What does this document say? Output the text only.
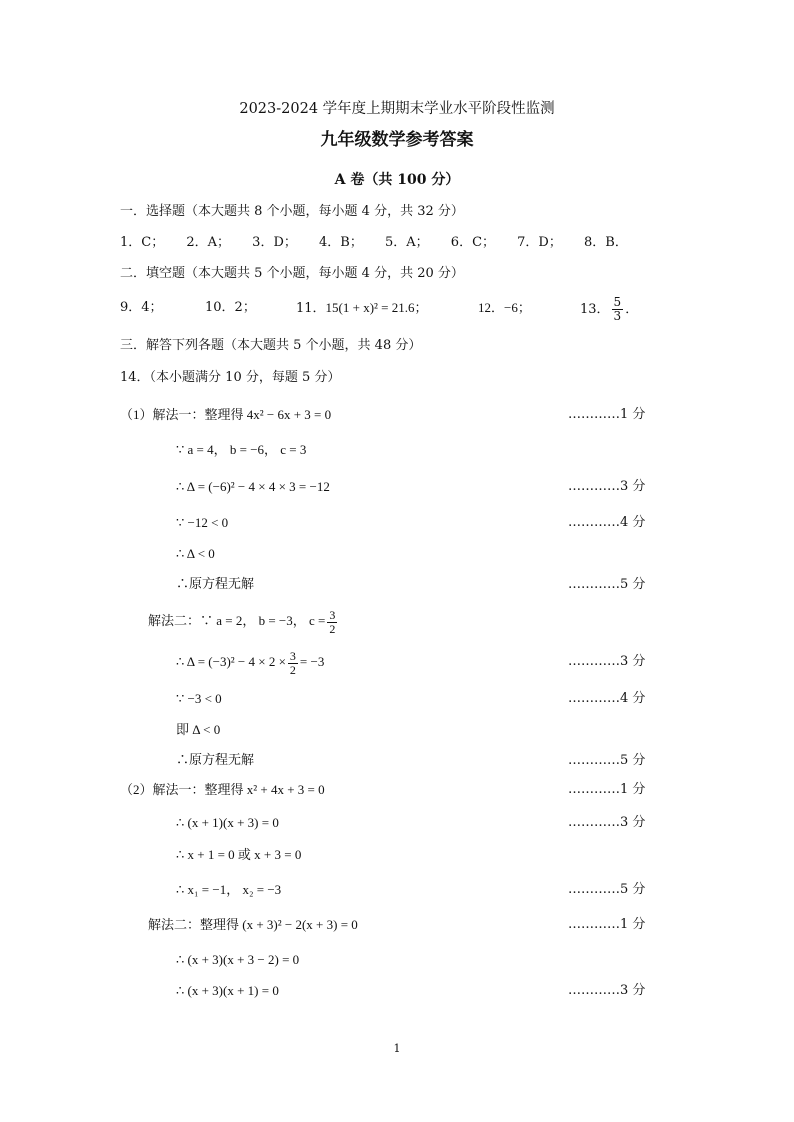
2023-2024 学年度上期期末学业水平阶段性监测
九年级数学参考答案
A 卷（共 100 分）
一．选择题（本大题共 8 个小题，每小题 4 分，共 32 分）
1．C； 2．A； 3．D； 4．B； 5．A； 6．C； 7．D； 8．B．
二．填空题（本大题共 5 个小题，每小题 4 分，共 20 分）
9．4；	10．2；	11．15(1 + x)² = 21.6；	12．−6；	13． $\frac{5}{3}$ ．
三．解答下列各题（本大题共 5 个小题，共 48 分）
14．（本小题满分 10 分，每题 5 分）
（1）解法一：整理得 4x² − 6x + 3 = 0	…………1 分
∵ a = 4， b = −6， c = 3
∴ Δ = (−6)² − 4 × 4 × 3 = −12	…………3 分
∵ −12 < 0	…………4 分
∴ Δ < 0
∴原方程无解	…………5 分
解法二：∵ a = 2， b = −3， $c = \frac{3}{2}$
∴ $\Delta = (-3)^2 - 4 \times 2 \times \frac{3}{2} = -3$	…………3 分
∵ −3 < 0	…………4 分
即 Δ < 0
∴原方程无解	…………5 分
（2）解法一：整理得 x² + 4x + 3 = 0	…………1 分
∴ (x + 1)(x + 3) = 0	…………3 分
∴ x + 1 = 0 或 x + 3 = 0
∴ x₁ = −1， x₂ = −3	…………5 分
解法二：整理得 (x + 3)² − 2(x + 3) = 0	…………1 分
∴ (x + 3)(x + 3 − 2) = 0
∴ (x + 3)(x + 1) = 0	…………3 分
1
